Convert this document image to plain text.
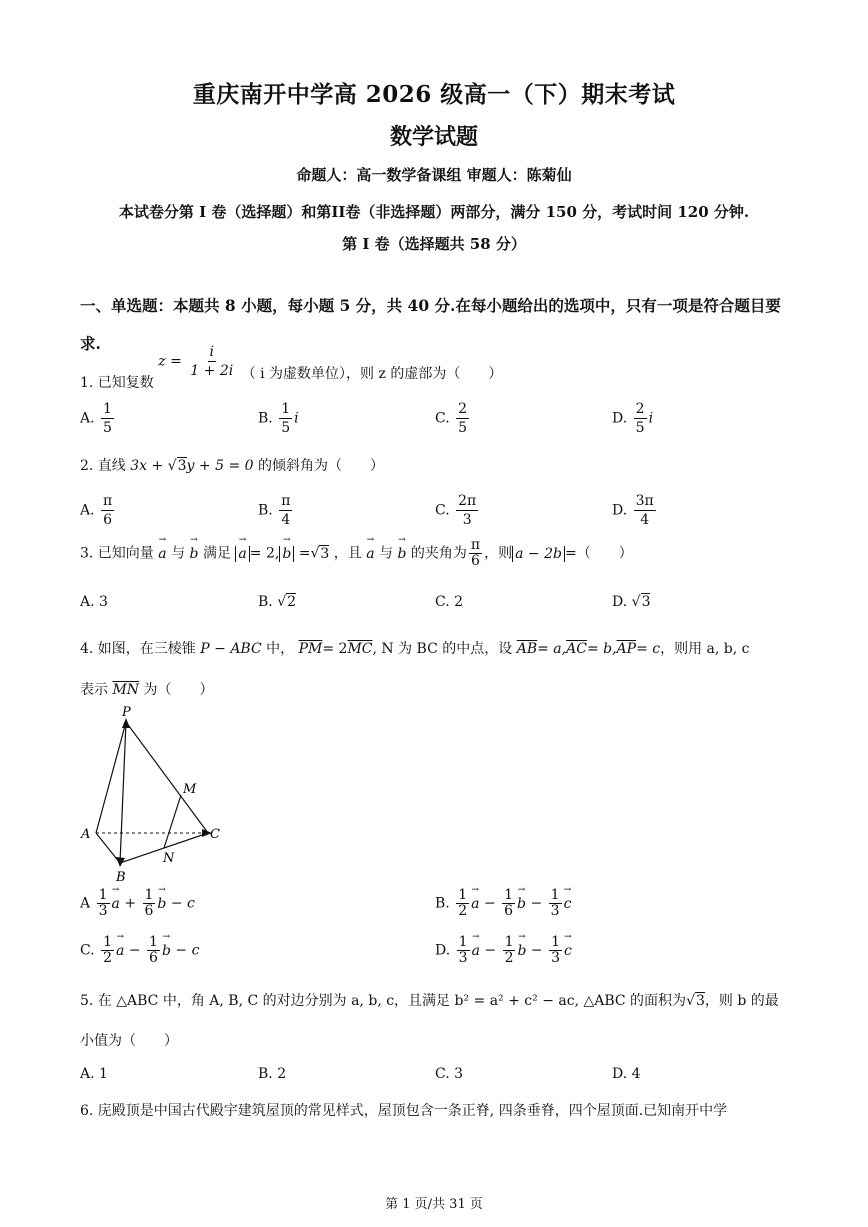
重庆南开中学高 2026 级高一（下）期末考试
数学试题
命题人：高一数学备课组 审题人：陈菊仙
本试卷分第 I 卷（选择题）和第II卷（非选择题）两部分，满分 150 分，考试时间 120 分钟.
第 I 卷（选择题共 58 分）
一、单选题：本题共 8 小题，每小题 5 分，共 40 分.在每小题给出的选项中，只有一项是符合题目要求.
1. 已知复数 $z = \frac{i}{1 + 2i}$ （ i 为虚数单位），则 z 的虚部为（　　）
A. $\frac{1}{5}$	B. $\frac{1}{5}$ i	C. $\frac{2}{5}$	D. $\frac{2}{5}$ i
2. 直线 3x + √3y + 5 = 0 的倾斜角为（　　）
A. $\frac{\pi}{6}$	B. $\frac{\pi}{4}$	C. $\frac{2\pi}{3}$	D. $\frac{3\pi}{4}$
3. 已知向量 → a 与 → b 满足 → a = 2, → b =√3 ，且 → a 与 → b 的夹角为 $\frac{\pi}{6}$ ，则 a − 2b =（　　）
A. 3	B. √2	C. 2	D. √3
4. 如图，在三棱锥 P − ABC 中， $\overline{PM}= 2\overline{MC}$, N 为 BC 的中点，设 $\overline{AB}= a,\overline{AC}= b,\overline{AP}= c$，则用 a, b, c
表示 $\overline{MN}$ 为（　　）
P
M
A	C
N
B
A $\frac{1}{3} \to a + \frac{1}{6} \to b - c$	B. $\frac{1}{2} \to a - \frac{1}{6} \to b - \frac{1}{3} \to c$
C. $\frac{1}{2} \to a - \frac{1}{6} \to b - c$	D. $\frac{1}{3} \to a - \frac{1}{2} \to b - \frac{1}{3} \to c$
5. 在 △ABC 中，角 A, B, C 的对边分别为 a, b, c，且满足 b² = a² + c² − ac, △ABC 的面积为√3，则 b 的最
小值为（　　）
A. 1	B. 2	C. 3	D. 4
6. 庑殿顶是中国古代殿宇建筑屋顶的常见样式，屋顶包含一条正脊, 四条垂脊，四个屋顶面.已知南开中学
第 1 页/共 31 页
